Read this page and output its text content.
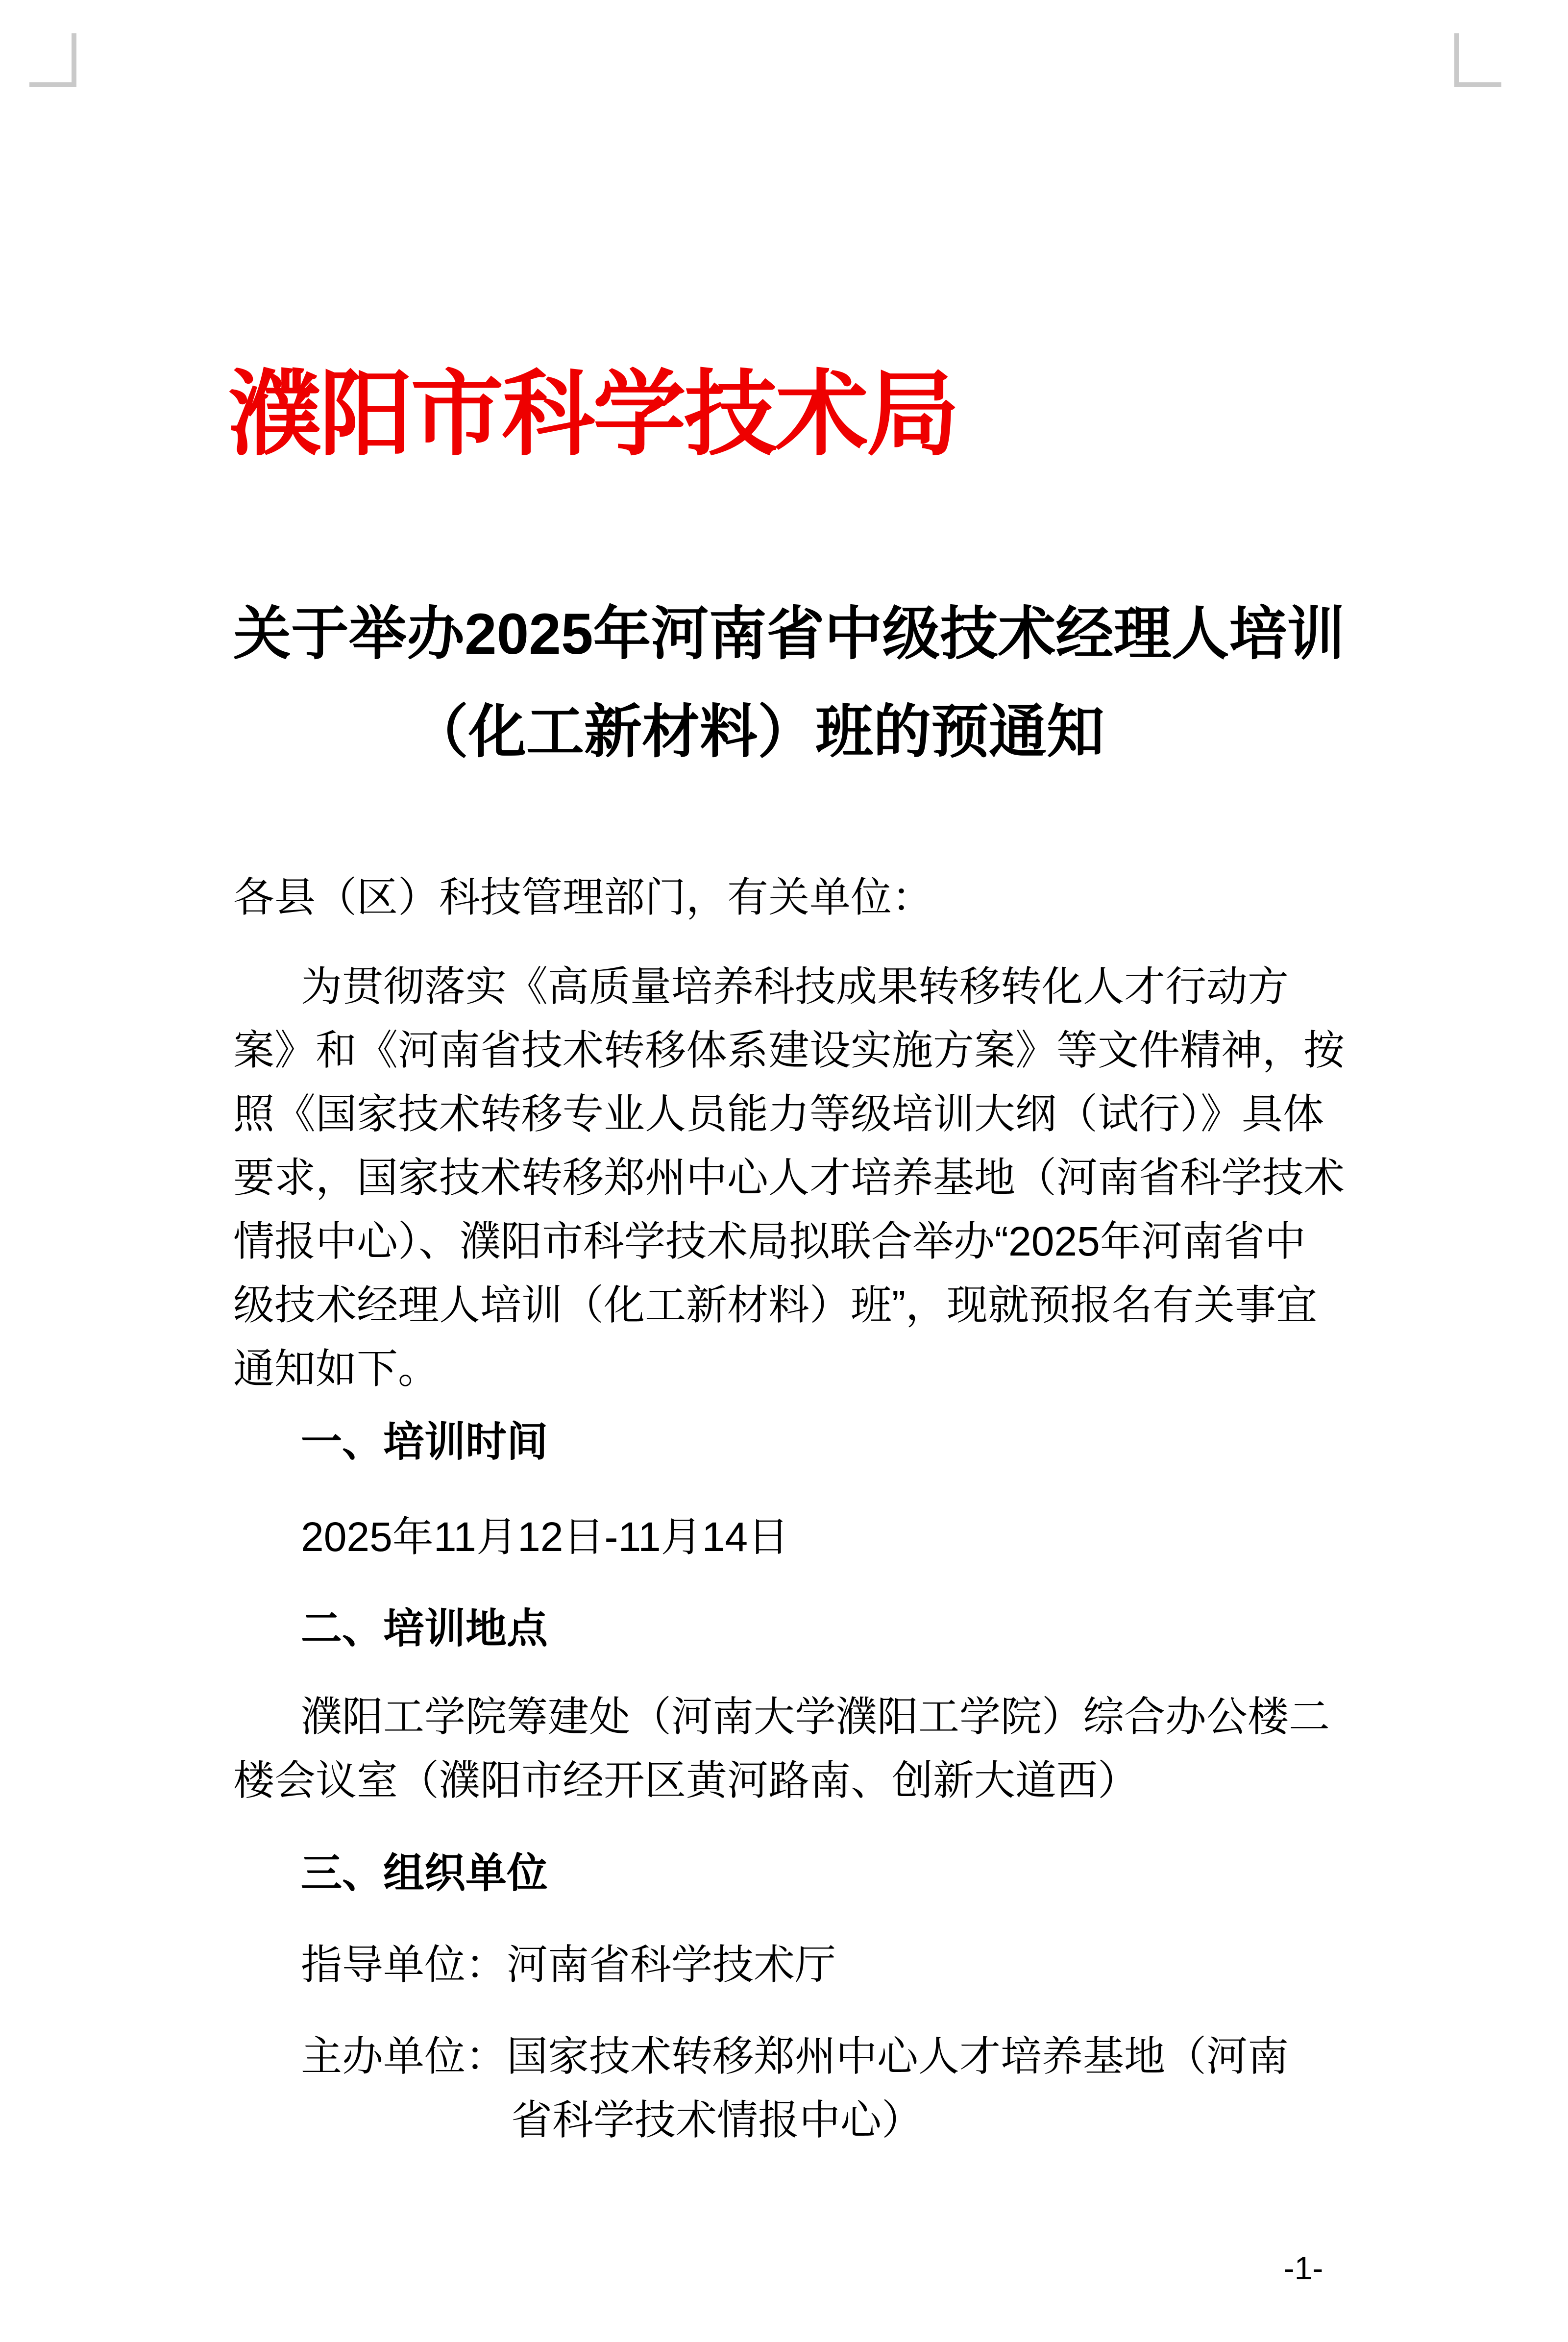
濮阳市科学技术局
关于举办2025年河南省中级技术经理人培训
（化工新材料）班的预通知
各县（区）科技管理部门，有关单位：
为贯彻落实《高质量培养科技成果转移转化人才行动方
案》和《河南省技术转移体系建设实施方案》等文件精神，按
照《国家技术转移专业人员能力等级培训大纲（试行）》具体
要求，国家技术转移郑州中心人才培养基地（河南省科学技术
情报中心）、濮阳市科学技术局拟联合举办“2025年河南省中
级技术经理人培训（化工新材料）班”，现就预报名有关事宜
通知如下。
一、培训时间
2025年11月12日-11月14日
二、培训地点
濮阳工学院筹建处（河南大学濮阳工学院）综合办公楼二
楼会议室（濮阳市经开区黄河路南、创新大道西）
三、组织单位
指导单位：河南省科学技术厅
主办单位：国家技术转移郑州中心人才培养基地（河南
省科学技术情报中心）
-1-
